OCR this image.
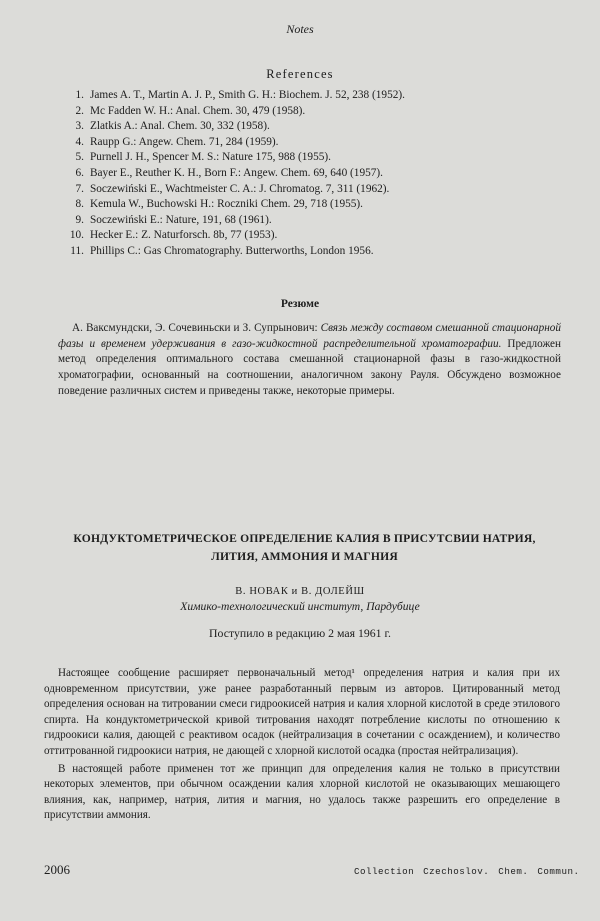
Notes
References
1. James A. T., Martin A. J. P., Smith G. H.: Biochem. J. 52, 238 (1952).
2. Mc Fadden W. H.: Anal. Chem. 30, 479 (1958).
3. Zlatkis A.: Anal. Chem. 30, 332 (1958).
4. Raupp G.: Angew. Chem. 71, 284 (1959).
5. Purnell J. H., Spencer M. S.: Nature 175, 988 (1955).
6. Bayer E., Reuther K. H., Born F.: Angew. Chem. 69, 640 (1957).
7. Soczewiński E., Wachtmeister C. A.: J. Chromatog. 7, 311 (1962).
8. Kemula W., Buchowski H.: Roczniki Chem. 29, 718 (1955).
9. Soczewiński E.: Nature, 191, 68 (1961).
10. Hecker E.: Z. Naturforsch. 8b, 77 (1953).
11. Phillips C.: Gas Chromatography. Butterworths, London 1956.
Резюме
А. Ваксмундски, Э. Сочевиньски и З. Супрынович: Связь между составом смешанной стационарной фазы и временем удерживания в газо-жидкостной распределительной хроматографии. Предложен метод определения оптимального состава смешанной стационарной фазы в газо-жидкостной хроматографии, основанный на соотношении, аналогичном закону Рауля. Обсуждено возможное поведение различных систем и приведены также, некоторые примеры.
КОНДУКТОМЕТРИЧЕСКОЕ ОПРЕДЕЛЕНИЕ КАЛИЯ В ПРИСУТСВИИ НАТРИЯ, ЛИТИЯ, АММОНИЯ И МАГНИЯ
В. НОВАК и В. ДОЛЕЙШ
Химико-технологический институт, Пардубице
Поступило в редакцию 2 мая 1961 г.

Настоящее сообщение расширяет первоначальный метод¹ определения натрия и калия при их одновременном присутствии, уже ранее разработанный первым из авторов. Цитированный метод определения основан на титровании смеси гидроокисей натрия и калия хлорной кислотой в среде этилового спирта. На кондуктометрической кривой титрования находят потребление кислоты по отношению к гидроокиси калия, дающей с реактивом осадок (нейтрализация в сочетании с осаждением), и количество оттитрованной гидроокиси натрия, не дающей с хлорной кислотой осадка (простая нейтрализация).

В настоящей работе применен тот же принцип для определения калия не только в присутствии некоторых элементов, при обычном осаждении калия хлорной кислотой не оказывающих мешающего влияния, как, например, натрия, лития и магния, но удалось также разрешить его определение в присутствии аммония.

2006	Collection Czechoslov. Chem. Commun.
